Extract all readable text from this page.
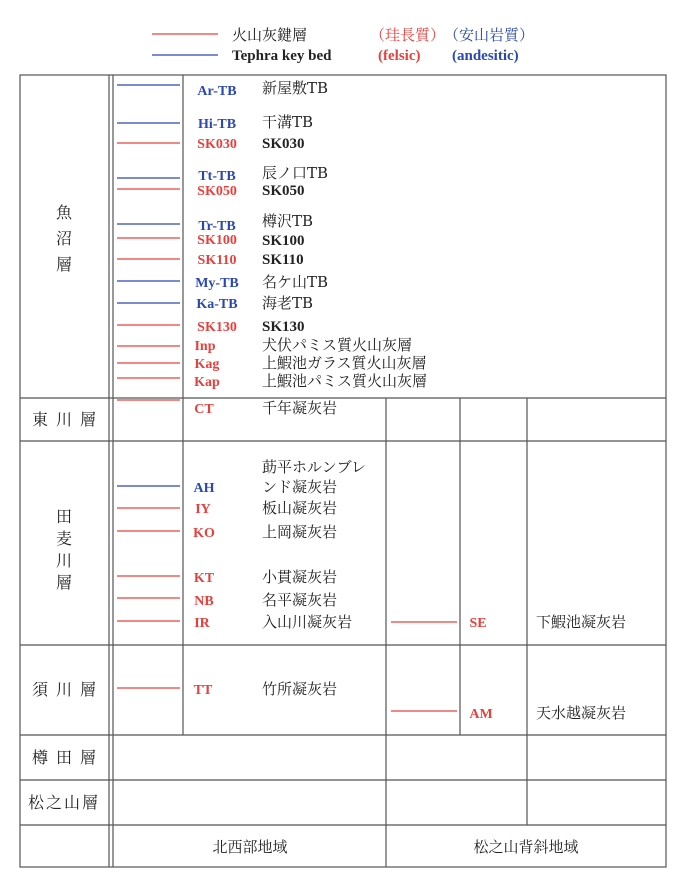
火山灰鍵層
Tephra key bed
（珪長質）
(felsic)
（安山岩質）
(andesitic)
魚
沼
層
東 川 層
田
麦
川
層
須 川 層
樽 田 層
松 之 山 層
Ar-TB
Hi-TB
SK030
Tt-TB
SK050
Tr-TB
SK100
SK110
My-TB
Ka-TB
SK130
Inp
Kag
Kap
CT
AH
IY
KO
KT
NB
IR
TT
新屋敷TB
干溝TB
SK030
辰ノ口TB
SK050
樽沢TB
SK100
SK110
名ケ山TB
海老TB
SK130
犬伏パミス質火山灰層
上鰕池ガラス質火山灰層
上鰕池パミス質火山灰層
千年凝灰岩
莇平ホルンブレ
ンド凝灰岩
板山凝灰岩
上岡凝灰岩
小貫凝灰岩
名平凝灰岩
入山川凝灰岩
竹所凝灰岩
SE
AM
下鰕池凝灰岩
天水越凝灰岩
北西部地域	松之山背斜地域
